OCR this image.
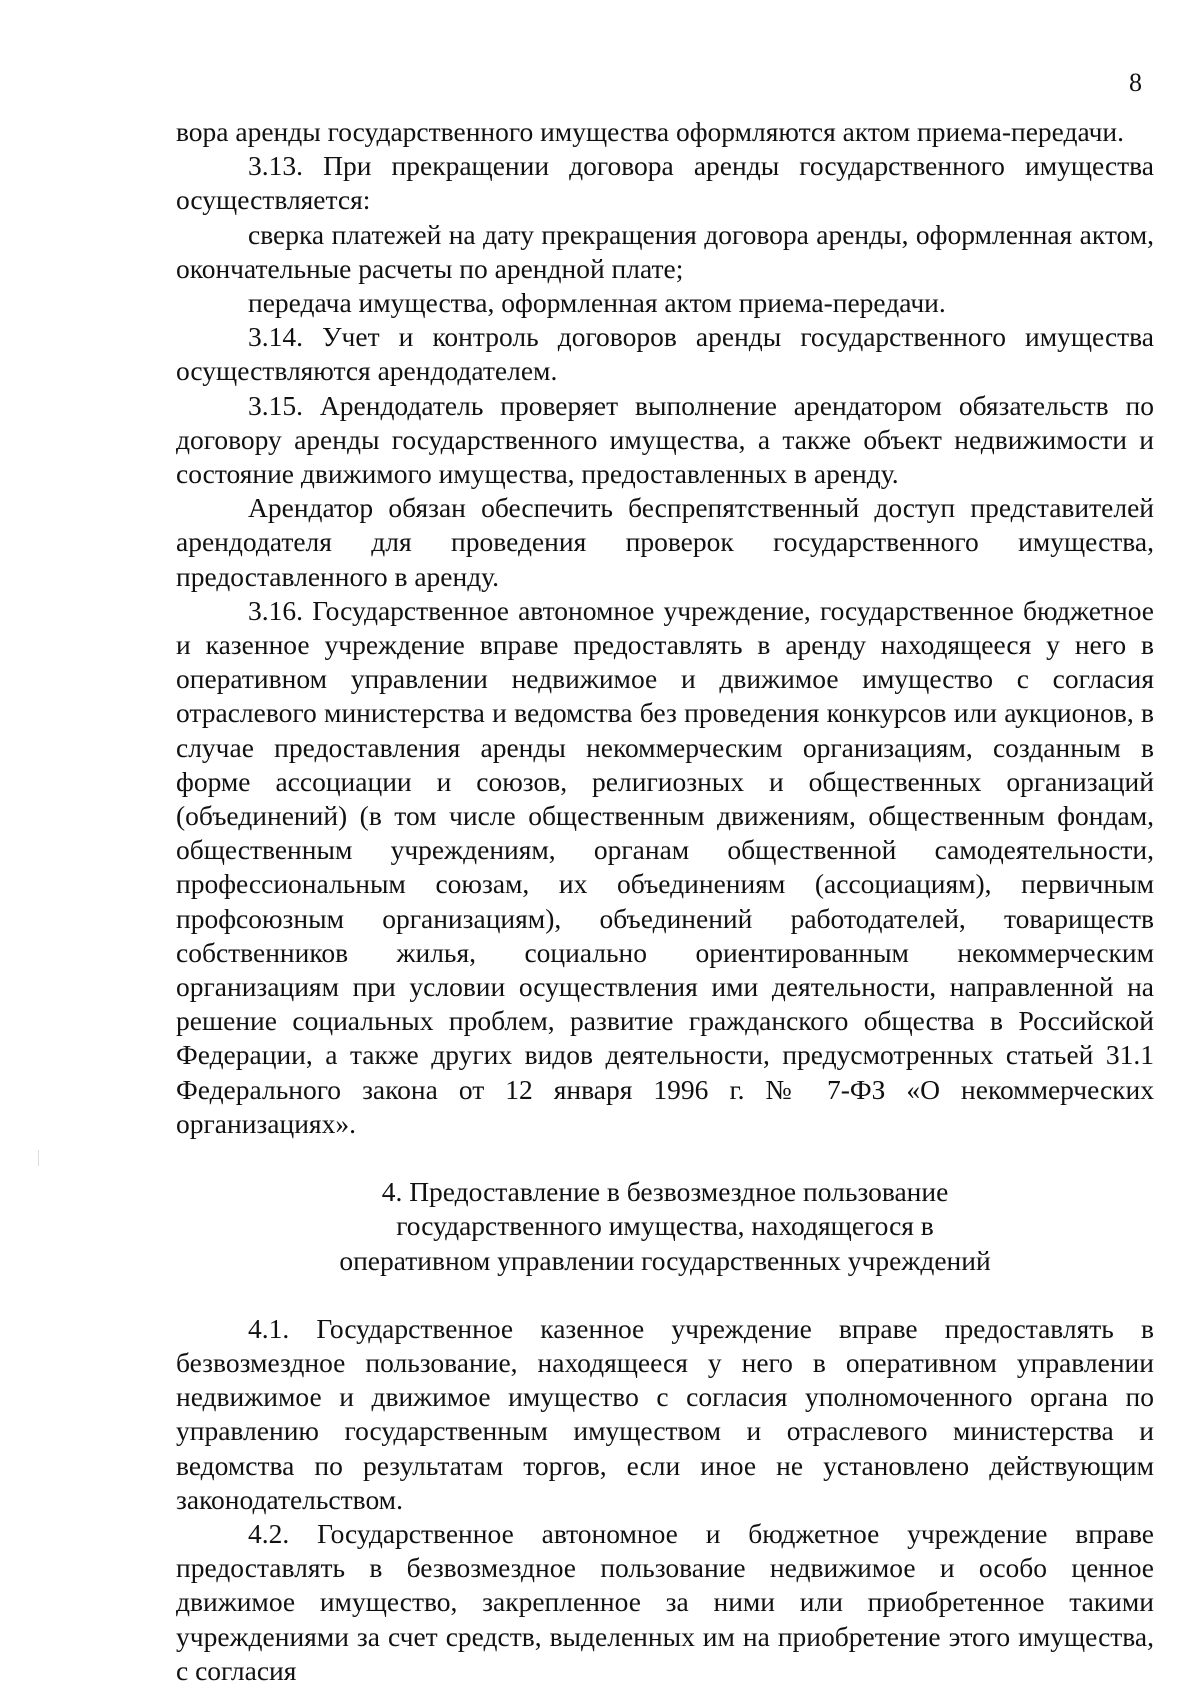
8

вора аренды государственного имущества оформляются актом приема-передачи.

3.13. При прекращении договора аренды государственного имущества осуществляется:

сверка платежей на дату прекращения договора аренды, оформленная актом, окончательные расчеты по арендной плате;

передача имущества, оформленная актом приема-передачи.

3.14. Учет и контроль договоров аренды государственного имущества осуществляются арендодателем.

3.15. Арендодатель проверяет выполнение арендатором обязательств по договору аренды государственного имущества, а также объект недвижимости и состояние движимого имущества, предоставленных в аренду.

Арендатор обязан обеспечить беспрепятственный доступ представителей арендодателя для проведения проверок государственного имущества, предоставленного в аренду.

3.16. Государственное автономное учреждение, государственное бюджетное и казенное учреждение вправе предоставлять в аренду находящееся у него в оперативном управлении недвижимое и движимое имущество с согласия отраслевого министерства и ведомства без проведения конкурсов или аукционов, в случае предоставления аренды некоммерческим организациям, созданным в форме ассоциации и союзов, религиозных и общественных организаций (объединений) (в том числе общественным движениям, общественным фондам, общественным учреждениям, органам общественной самодеятельности, профессиональным союзам, их объединениям (ассоциациям), первичным профсоюзным организациям), объединений работодателей, товариществ собственников жилья, социально ориентированным некоммерческим организациям при условии осуществления ими деятельности, направленной на решение социальных проблем, развитие гражданского общества в Российской Федерации, а также других видов деятельности, предусмотренных статьей 31.1 Федерального закона от 12 января 1996 г. № 7-ФЗ «О некоммерческих организациях».

4. Предоставление в безвозмездное пользование
государственного имущества, находящегося в
оперативном управлении государственных учреждений

4.1. Государственное казенное учреждение вправе предоставлять в безвозмездное пользование, находящееся у него в оперативном управлении недвижимое и движимое имущество с согласия уполномоченного органа по управлению государственным имуществом и отраслевого министерства и ведомства по результатам торгов, если иное не установлено действующим законодательством.

4.2. Государственное автономное и бюджетное учреждение вправе предоставлять в безвозмездное пользование недвижимое и особо ценное движимое имущество, закрепленное за ними или приобретенное такими учреждениями за счет средств, выделенных им на приобретение этого имущества, с согласия
